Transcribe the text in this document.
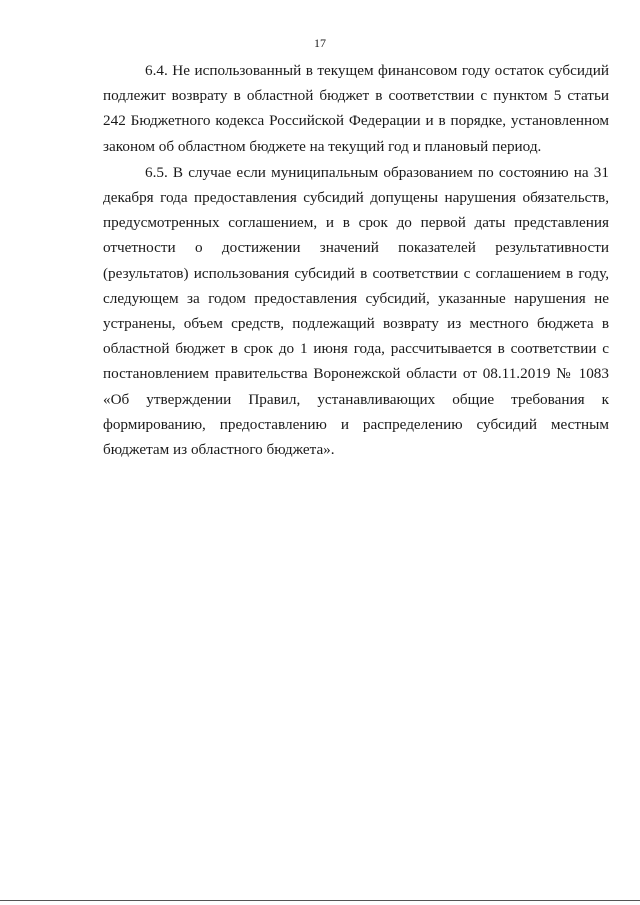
17
6.4. Не использованный в текущем финансовом году остаток субсидий
подлежит возврату в областной бюджет в соответствии с пунктом 5 статьи
242 Бюджетного кодекса Российской Федерации и в порядке, установленном
законом об областном бюджете на текущий год и плановый период.
6.5. В случае если муниципальным образованием по состоянию на 31
декабря года предоставления субсидий допущены нарушения обязательств,
предусмотренных соглашением, и в срок до первой даты представления
отчетности о достижении значений показателей результативности
(результатов) использования субсидий в соответствии с соглашением в году,
следующем за годом предоставления субсидий, указанные нарушения не
устранены, объем средств, подлежащий возврату из местного бюджета в
областной бюджет в срок до 1 июня года, рассчитывается в соответствии с
постановлением правительства Воронежской области от 08.11.2019 № 1083
«Об утверждении Правил, устанавливающих общие требования к
формированию, предоставлению и распределению субсидий местным
бюджетам из областного бюджета».
